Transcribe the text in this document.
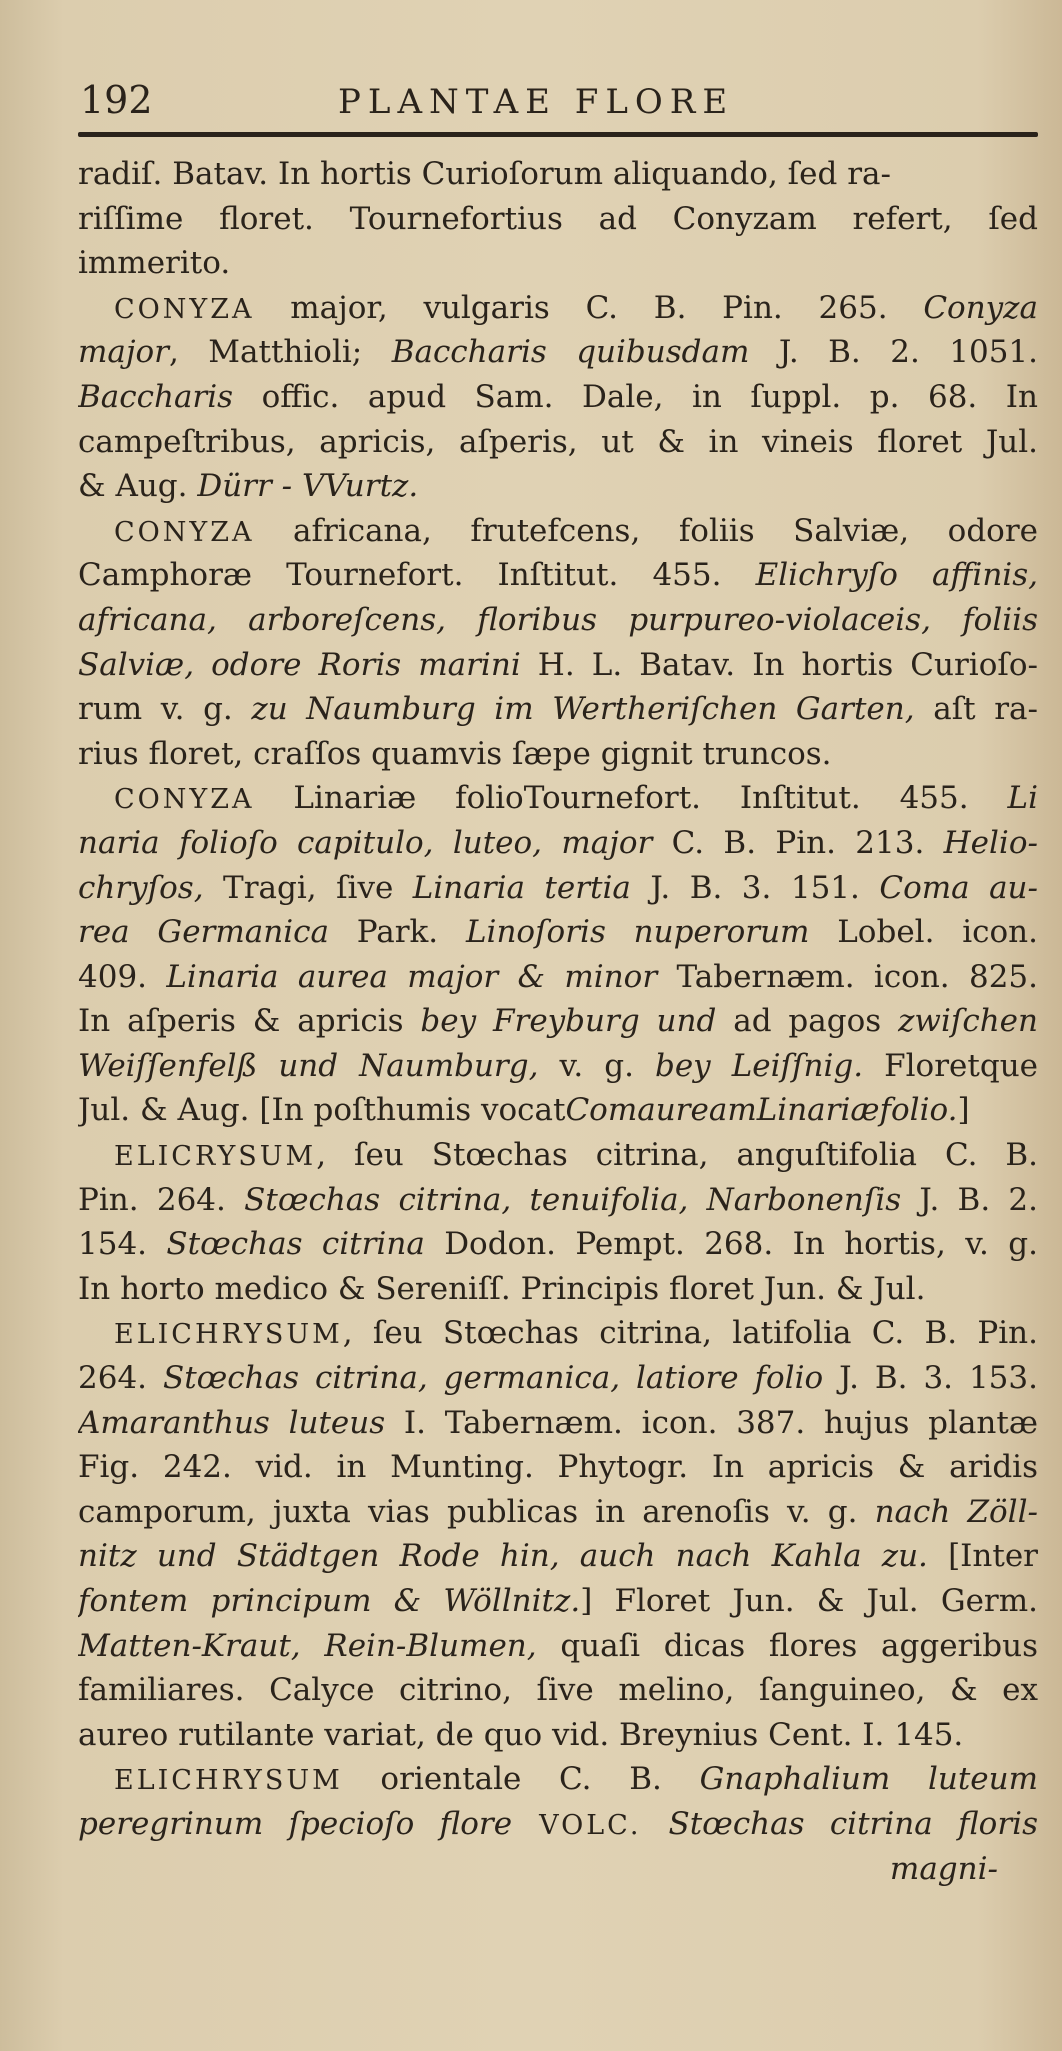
192	PLANTAE FLORE
radiſ. Batav. In hortis Curioſorum aliquando, ſed ra-
riſſime floret. Tournefortius ad Conyzam refert, ſed
immerito.
CONYZA major, vulgaris C. B. Pin. 265. Conyza
major, Matthioli; Baccharis quibusdam J. B. 2. 1051.
Baccharis offic. apud Sam. Dale, in ſuppl. p. 68. In
campeſtribus, apricis, aſperis, ut & in vineis floret Jul.
& Aug. Dürr - VVurtz.
CONYZA africana, frutefcens, foliis Salviæ, odore
Camphoræ Tournefort. Inſtitut. 455. Elichryſo affinis,
africana, arboreſcens, floribus purpureo-violaceis, foliis
Salviæ, odore Roris marini H. L. Batav. In hortis Curioſo-
rum v. g. zu Naumburg im Wertheriſchen Garten, aſt ra-
rius floret, craſſos quamvis ſæpe gignit truncos.
CONYZA Linariæ folioTournefort. Inſtitut. 455. Li
naria folioſo capitulo, luteo, major C. B. Pin. 213. Helio-
chryſos, Tragi, ſive Linaria tertia J. B. 3. 151. Coma au-
rea Germanica Park. Linoſoris nuperorum Lobel. icon.
409. Linaria aurea major & minor Tabernæm. icon. 825.
In aſperis & apricis bey Freyburg und ad pagos zwiſchen
Weiſſenfelß und Naumburg, v. g. bey Leiſſnig. Floretque
Jul. & Aug. [In poſthumis vocatComaureamLinariæfolio.]
ELICRYSUM, ſeu Stœchas citrina, anguſtifolia C. B.
Pin. 264. Stœchas citrina, tenuifolia, Narbonenſis J. B. 2.
154. Stœchas citrina Dodon. Pempt. 268. In hortis, v. g.
In horto medico & Sereniſſ. Principis floret Jun. & Jul.
ELICHRYSUM, ſeu Stœchas citrina, latifolia C. B. Pin.
264. Stœchas citrina, germanica, latiore folio J. B. 3. 153.
Amaranthus luteus I. Tabernæm. icon. 387. hujus plantæ
Fig. 242. vid. in Munting. Phytogr. In apricis & aridis
camporum, juxta vias publicas in arenoſis v. g. nach Zöll-
nitz und Städtgen Rode hin, auch nach Kahla zu. [Inter
fontem principum & Wöllnitz.] Floret Jun. & Jul. Germ.
Matten-Kraut, Rein-Blumen, quaſi dicas flores aggeribus
familiares. Calyce citrino, ſive melino, ſanguineo, & ex
aureo rutilante variat, de quo vid. Breynius Cent. I. 145.
ELICHRYSUM orientale C. B. Gnaphalium luteum
peregrinum ſpecioſo flore VOLC. Stœchas citrina floris
magni-
